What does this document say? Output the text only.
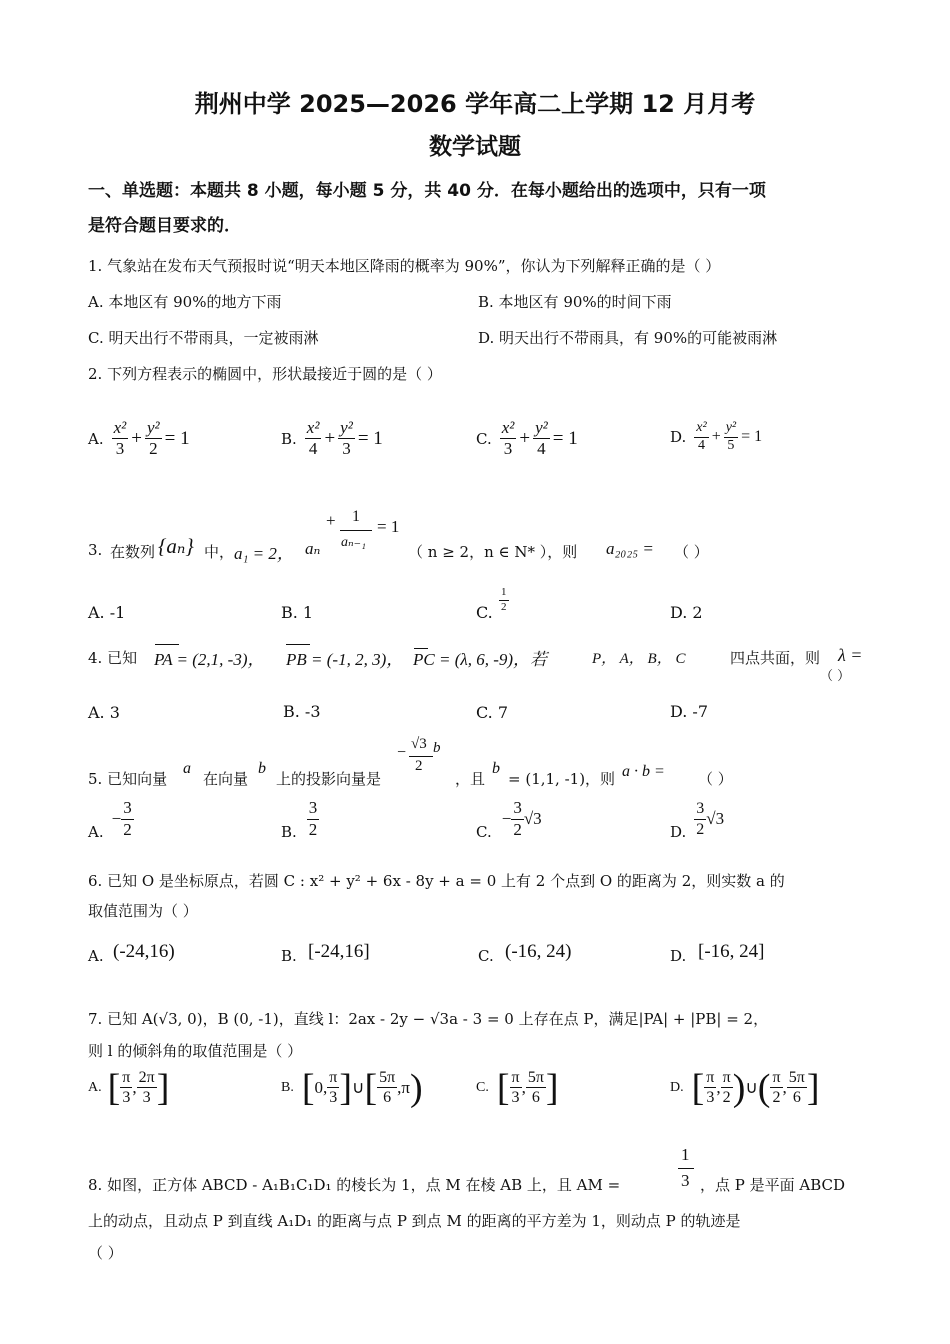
荆州中学 2025—2026 学年高二上学期 12 月月考
数学试题
一、单选题：本题共 8 小题，每小题 5 分，共 40 分．在每小题给出的选项中，只有一项
是符合题目要求的．
1. 气象站在发布天气预报时说“明天本地区降雨的概率为 90%”，你认为下列解释正确的是（ ）
A. 本地区有 90%的地方下雨	B. 本地区有 90%的时间下雨
C. 明天出行不带雨具，一定被雨淋	D. 明天出行不带雨具，有 90%的可能被雨淋
2. 下列方程表示的椭圆中，形状最接近于圆的是（ ）
A. $\frac{\text{x²}}{3} + \frac{\text{y²}}{2} = 1$	B. $\frac{\text{x²}}{4} + \frac{\text{y²}}{3} = 1$	C. $\frac{\text{x²}}{3} + \frac{\text{y²}}{4} = 1$	D. $\frac{\text{x²}}{4} + \frac{\text{y²}}{5} = 1$
3. 在数列 {aₙ} 中， a₁ = 2， aₙ
+ 1
aₙ₋₁
= 1
（ n ≥ 2，n ∈ N* ），则 a₂₀₂₅ = （ ）
A. -1	B. 1	C.
1
2	D. 2
4. 已知 PA = (2,1, -3)， PB = (-1, 2, 3)， PC = (λ, 6, -9)，若	P， A， B， C	四点共面，则 λ =
（ ）
A. 3	B. -3	C. 7	D. -7
5. 已知向量
a
在向量
b
上的投影向量是
− √3 b
2
，且
b
= (1,1, -1)，则 a · b = （ ）
A.
− $\frac{3}{2}$	B. $\frac{3}{2}$	C.
− $\frac{3}{2} √3$
D. $\frac{3}{2} √3$
6. 已知 O 是坐标原点，若圆 C : x² + y² + 6x - 8y + a = 0 上有 2 个点到 O 的距离为 2，则实数 a 的
取值范围为（ ）
A. (-24,16)	B. [-24,16]	C. (-16, 24)	D. [-16, 24]
7. 已知 A(√3, 0)，B (0, -1)，直线 l：2ax - 2y − √3a - 3 = 0 上存在点 P，满足|PA| + |PB| = 2，
则 l 的倾斜角的取值范围是（ ）
A. [ $\frac{\pi}{3}$ , $\frac{2\pi}{3}$ ]	B. [ 0 , $\frac{\pi}{3}$ ] ∪ [ $\frac{5\pi}{6}$ , π )	C. [ $\frac{\pi}{3}$ , $\frac{5\pi}{6}$ ]	D. [ $\frac{\pi}{3}$ , $\frac{\pi}{2}$ ) ∪ ( $\frac{\pi}{2}$ , $\frac{5\pi}{6}$ ]
8. 如图，正方体 ABCD - A₁B₁C₁D₁ 的棱长为 1，点 M 在棱 AB 上，且 AM =
1
3 ，点 P 是平面 ABCD
上的动点，且动点 P 到直线 A₁D₁ 的距离与点 P 到点 M 的距离的平方差为 1，则动点 P 的轨迹是
（ ）
